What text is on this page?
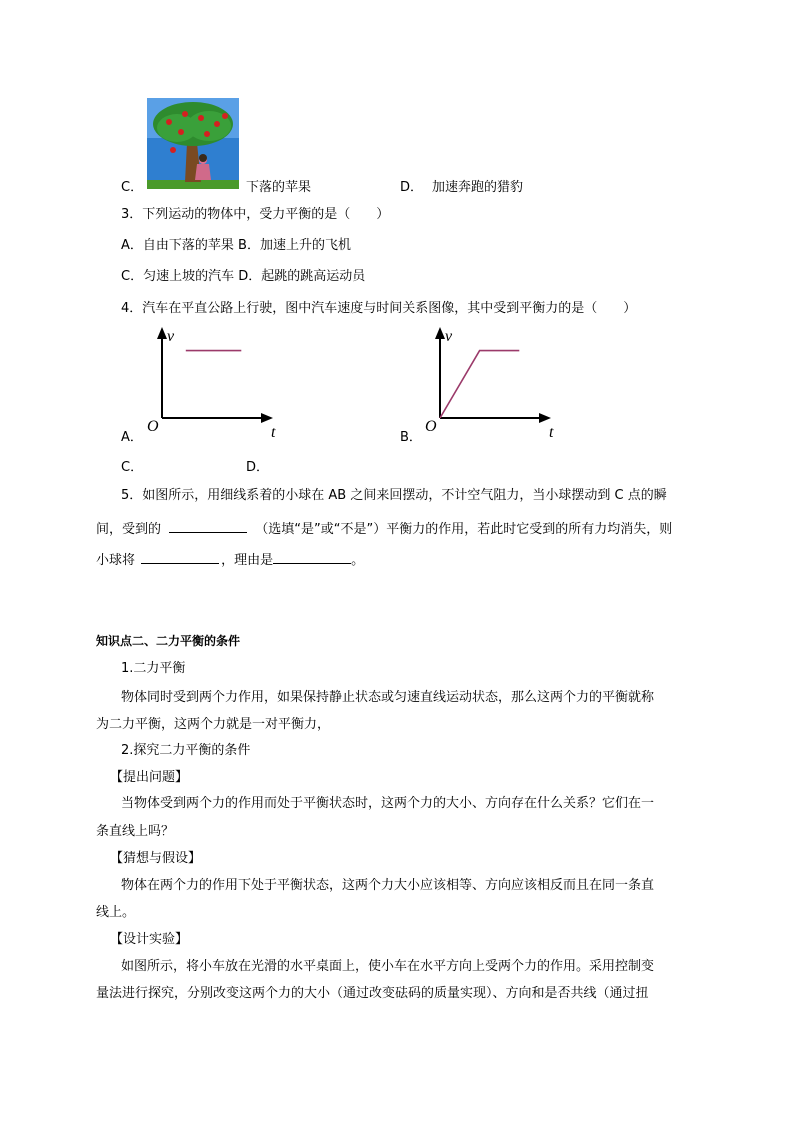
C．	下落的苹果	D． 加速奔跑的猎豹
3．下列运动的物体中，受力平衡的是（　　）
A．自由下落的苹果 B．加速上升的飞机
C．匀速上坡的汽车 D．起跳的跳高运动员
4．汽车在平直公路上行驶，图中汽车速度与时间关系图像，其中受到平衡力的是（　　）
v
t
O
A．
v
t
O
B．
C．	D．
5．如图所示，用细线系着的小球在 AB 之间来回摆动，不计空气阻力，当小球摆动到 C 点的瞬
间，受到的	（选填“是”或“不是”）平衡力的作用，若此时它受到的所有力均消失，则
小球将	，理由是	。
知识点二、二力平衡的条件
1.二力平衡
物体同时受到两个力作用，如果保持静止状态或匀速直线运动状态，那么这两个力的平衡就称
为二力平衡，这两个力就是一对平衡力，
2.探究二力平衡的条件
【提出问题】
当物体受到两个力的作用而处于平衡状态时，这两个力的大小、方向存在什么关系？它们在一
条直线上吗？
【猜想与假设】
物体在两个力的作用下处于平衡状态，这两个力大小应该相等、方向应该相反而且在同一条直
线上。
【设计实验】
如图所示，将小车放在光滑的水平桌面上，使小车在水平方向上受两个力的作用。采用控制变
量法进行探究，分别改变这两个力的大小（通过改变砝码的质量实现）、方向和是否共线（通过扭
